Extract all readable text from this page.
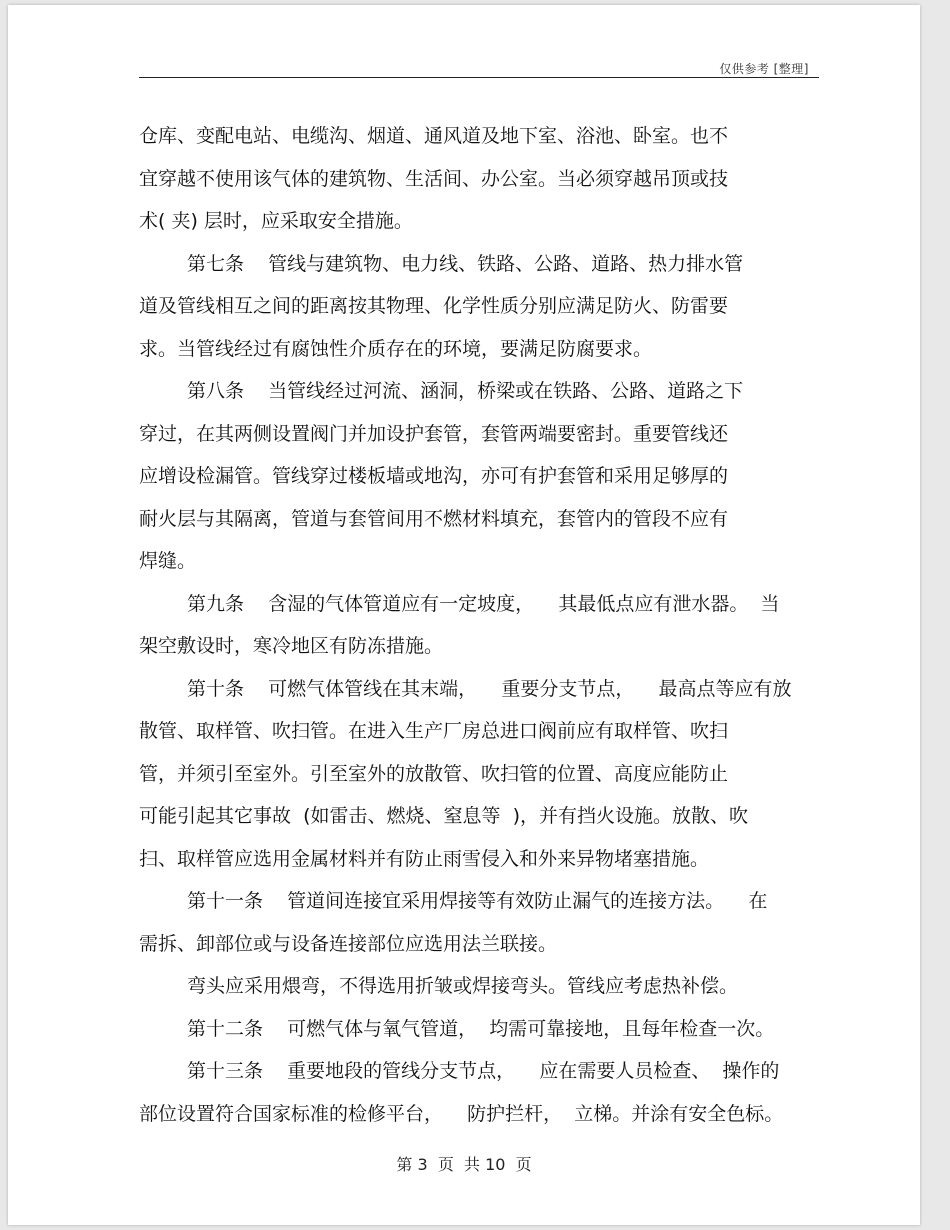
仅供参考 [整理]
仓库、变配电站、电缆沟、烟道、通风道及地下室、浴池、卧室。也不
宜穿越不使用该气体的建筑物、生活间、办公室。当必须穿越吊顶或技
术( 夹) 层时，应采取安全措施。
第七条    管线与建筑物、电力线、铁路、公路、道路、热力排水管
道及管线相互之间的距离按其物理、化学性质分别应满足防火、防雷要
求。当管线经过有腐蚀性介质存在的环境，要满足防腐要求。
第八条    当管线经过河流、涵洞，桥梁或在铁路、公路、道路之下
穿过，在其两侧设置阀门并加设护套管，套管两端要密封。重要管线还
应增设检漏管。管线穿过楼板墙或地沟，亦可有护套管和采用足够厚的
耐火层与其隔离，管道与套管间用不燃材料填充，套管内的管段不应有
焊缝。
第九条    含湿的气体管道应有一定坡度，    其最低点应有泄水器。  当
架空敷设时，寒冷地区有防冻措施。
第十条    可燃气体管线在其末端，    重要分支节点，    最高点等应有放
散管、取样管、吹扫管。在进入生产厂房总进口阀前应有取样管、吹扫
管，并须引至室外。引至室外的放散管、吹扫管的位置、高度应能防止
可能引起其它事故  (如雷击、燃烧、窒息等  )，并有挡火设施。放散、吹
扫、取样管应选用金属材料并有防止雨雪侵入和外来异物堵塞措施。
第十一条    管道间连接宜采用焊接等有效防止漏气的连接方法。    在
需拆、卸部位或与设备连接部位应选用法兰联接。
弯头应采用煨弯，不得选用折皱或焊接弯头。管线应考虑热补偿。
第十二条    可燃气体与氧气管道，  均需可靠接地，且每年检查一次。
第十三条    重要地段的管线分支节点，    应在需要人员检查、  操作的
部位设置符合国家标准的检修平台，    防护拦杆，  立梯。并涂有安全色标。
第 3  页  共 10  页
